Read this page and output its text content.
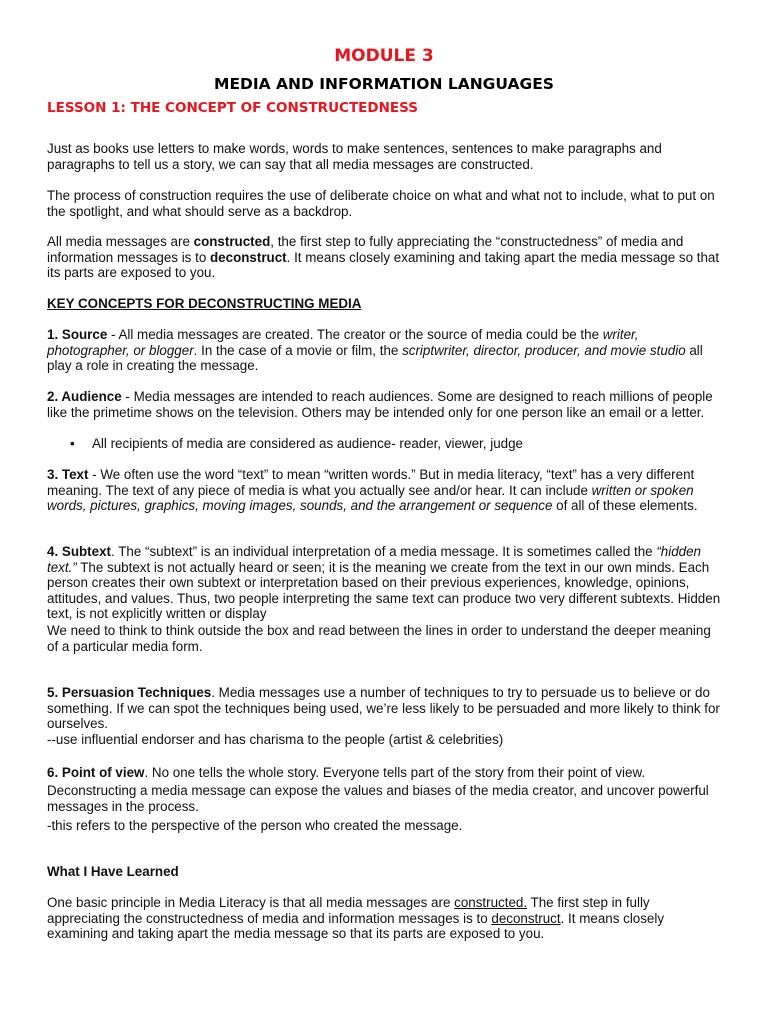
MODULE 3
MEDIA AND INFORMATION LANGUAGES
LESSON 1: THE CONCEPT OF CONSTRUCTEDNESS

Just as books use letters to make words, words to make sentences, sentences to make paragraphs and paragraphs to tell us a story, we can say that all media messages are constructed.

The process of construction requires the use of deliberate choice on what and what not to include, what to put on the spotlight, and what should serve as a backdrop.

All media messages are constructed, the first step to fully appreciating the “constructedness” of media and information messages is to deconstruct. It means closely examining and taking apart the media message so that its parts are exposed to you.

KEY CONCEPTS FOR DECONSTRUCTING MEDIA

1. Source - All media messages are created. The creator or the source of media could be the writer, photographer, or blogger. In the case of a movie or film, the scriptwriter, director, producer, and movie studio all play a role in creating the message.

2. Audience - Media messages are intended to reach audiences. Some are designed to reach millions of people like the primetime shows on the television. Others may be intended only for one person like an email or a letter.

• All recipients of media are considered as audience- reader, viewer, judge

3. Text - We often use the word “text” to mean “written words.” But in media literacy, “text” has a very different meaning. The text of any piece of media is what you actually see and/or hear. It can include written or spoken words, pictures, graphics, moving images, sounds, and the arrangement or sequence of all of these elements.

4. Subtext. The “subtext” is an individual interpretation of a media message. It is sometimes called the “hidden text.” The subtext is not actually heard or seen; it is the meaning we create from the text in our own minds. Each person creates their own subtext or interpretation based on their previous experiences, knowledge, opinions, attitudes, and values. Thus, two people interpreting the same text can produce two very different subtexts. Hidden text, is not explicitly written or display

We need to think to think outside the box and read between the lines in order to understand the deeper meaning of a particular media form.

5. Persuasion Techniques. Media messages use a number of techniques to try to persuade us to believe or do something. If we can spot the techniques being used, we’re less likely to be persuaded and more likely to think for ourselves.

--use influential endorser and has charisma to the people (artist & celebrities)

6. Point of view. No one tells the whole story. Everyone tells part of the story from their point of view.

Deconstructing a media message can expose the values and biases of the media creator, and uncover powerful messages in the process.

-this refers to the perspective of the person who created the message.

What I Have Learned

One basic principle in Media Literacy is that all media messages are constructed. The first step in fully appreciating the constructedness of media and information messages is to deconstruct. It means closely examining and taking apart the media message so that its parts are exposed to you.
